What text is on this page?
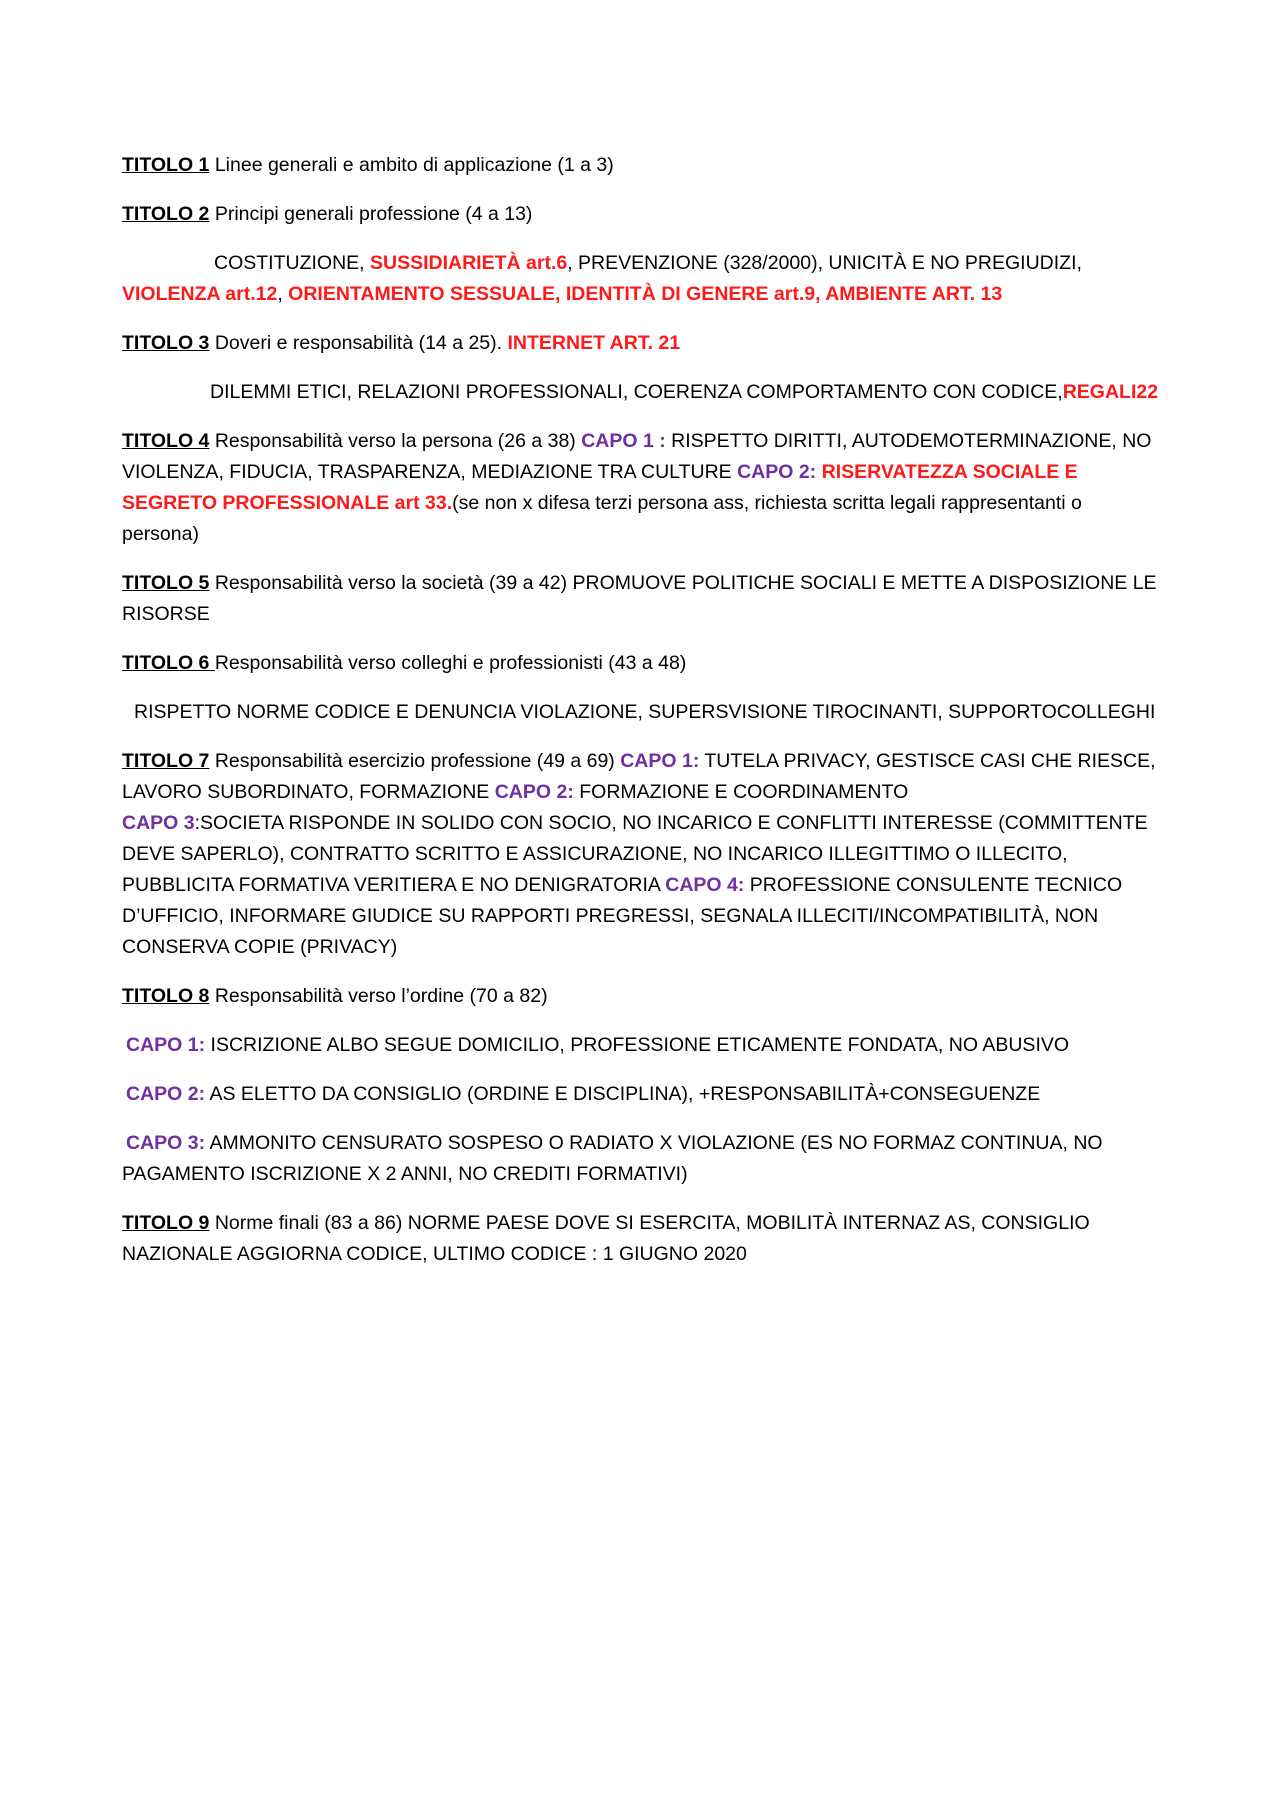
TITOLO 1 Linee generali e ambito di applicazione (1 a 3)

TITOLO 2 Principi generali professione (4 a 13)

COSTITUZIONE, SUSSIDIARIETÀ art.6, PREVENZIONE (328/2000), UNICITÀ E NO PREGIUDIZI,

VIOLENZA art.12, ORIENTAMENTO SESSUALE, IDENTITÀ DI GENERE art.9, AMBIENTE ART. 13

TITOLO 3 Doveri e responsabilità (14 a 25). INTERNET ART. 21

DILEMMI ETICI, RELAZIONI PROFESSIONALI, COERENZA COMPORTAMENTO CON CODICE,REGALI22

TITOLO 4 Responsabilità verso la persona (26 a 38) CAPO 1 : RISPETTO DIRITTI, AUTODEMOTERMINAZIONE, NO VIOLENZA, FIDUCIA, TRASPARENZA, MEDIAZIONE TRA CULTURE CAPO 2: RISERVATEZZA SOCIALE E SEGRETO PROFESSIONALE art 33.(se non x difesa terzi persona ass, richiesta scritta legali rappresentanti o persona)

TITOLO 5 Responsabilità verso la società (39 a 42) PROMUOVE POLITICHE SOCIALI E METTE A DISPOSIZIONE LE RISORSE

TITOLO 6 Responsabilità verso colleghi e professionisti (43 a 48)

RISPETTO NORME CODICE E DENUNCIA VIOLAZIONE, SUPERSVISIONE TIROCINANTI, SUPPORTOCOLLEGHI

TITOLO 7 Responsabilità esercizio professione (49 a 69) CAPO 1: TUTELA PRIVACY, GESTISCE CASI CHE RIESCE, LAVORO SUBORDINATO, FORMAZIONE CAPO 2: FORMAZIONE E COORDINAMENTO
CAPO 3:SOCIETA RISPONDE IN SOLIDO CON SOCIO, NO INCARICO E CONFLITTI INTERESSE (COMMITTENTE DEVE SAPERLO), CONTRATTO SCRITTO E ASSICURAZIONE, NO INCARICO ILLEGITTIMO O ILLECITO, PUBBLICITA FORMATIVA VERITIERA E NO DENIGRATORIA CAPO 4: PROFESSIONE CONSULENTE TECNICO D’UFFICIO, INFORMARE GIUDICE SU RAPPORTI PREGRESSI, SEGNALA ILLECITI/INCOMPATIBILITÀ, NON CONSERVA COPIE (PRIVACY)

TITOLO 8 Responsabilità verso l’ordine (70 a 82)

CAPO 1: ISCRIZIONE ALBO SEGUE DOMICILIO, PROFESSIONE ETICAMENTE FONDATA, NO ABUSIVO

CAPO 2: AS ELETTO DA CONSIGLIO (ORDINE E DISCIPLINA), +RESPONSABILITÀ+CONSEGUENZE

CAPO 3: AMMONITO CENSURATO SOSPESO O RADIATO X VIOLAZIONE (ES NO FORMAZ CONTINUA, NO PAGAMENTO ISCRIZIONE X 2 ANNI, NO CREDITI FORMATIVI)

TITOLO 9 Norme finali (83 a 86) NORME PAESE DOVE SI ESERCITA, MOBILITÀ INTERNAZ AS, CONSIGLIO NAZIONALE AGGIORNA CODICE, ULTIMO CODICE : 1 GIUGNO 2020
